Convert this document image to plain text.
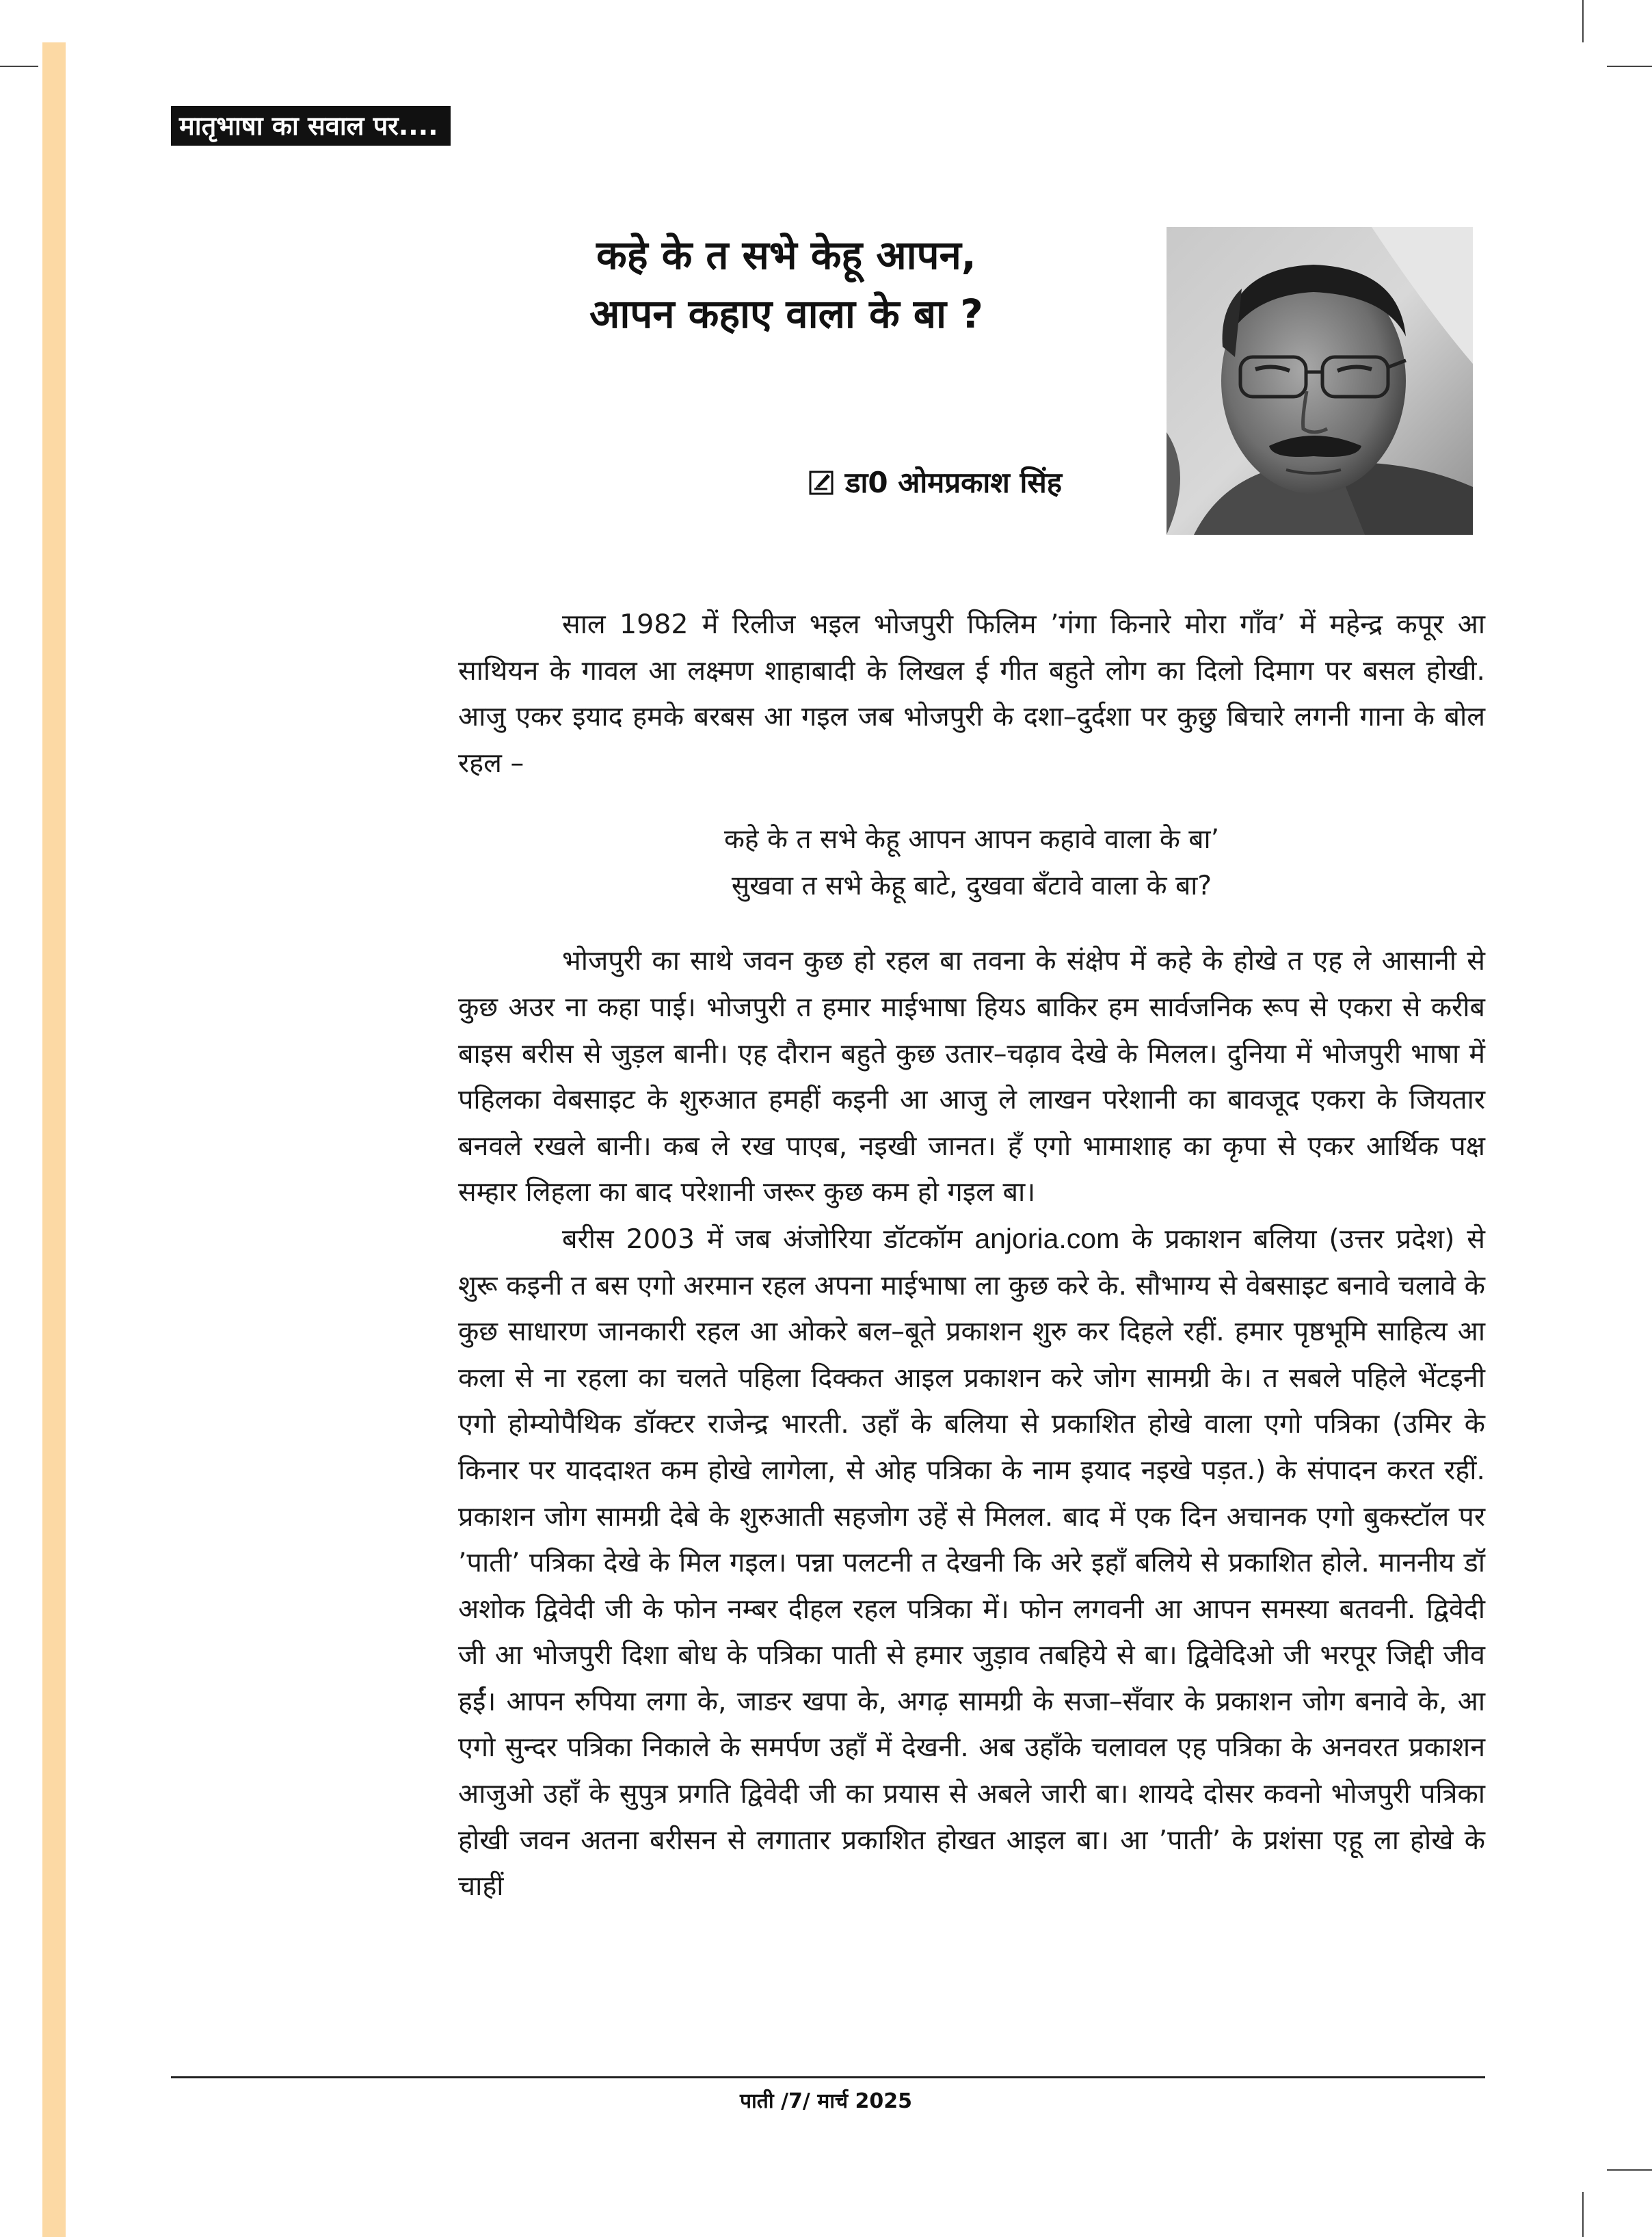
मातृभाषा का सवाल पर....
कहे के त सभे केहू आपन,
आपन कहाए वाला के बा ?
डा0 ओमप्रकाश सिंह

साल 1982 में रिलीज भइल भोजपुरी फिलिम ’गंगा किनारे मोरा गाँव’ में महेन्द्र कपूर आ साथियन के गावल आ लक्ष्मण शाहाबादी के लिखल ई गीत बहुते लोग का दिलो दिमाग पर बसल होखी. आजु एकर इयाद हमके बरबस आ गइल जब भोजपुरी के दशा–दुर्दशा पर कुछु बिचारे लगनी गाना के बोल रहल –

कहे के त सभे केहू आपन आपन कहावे वाला के बा’
सुखवा त सभे केहू बाटे, दुखवा बँटावे वाला के बा?

भोजपुरी का साथे जवन कुछ हो रहल बा तवना के संक्षेप में कहे के होखे त एह ले आसानी से कुछ अउर ना कहा पाई। भोजपुरी त हमार माईभाषा हियऽ बाकिर हम सार्वजनिक रूप से एकरा से करीब बाइस बरीस से जुड़ल बानी। एह दौरान बहुते कुछ उतार–चढ़ाव देखे के मिलल। दुनिया में भोजपुरी भाषा में पहिलका वेबसाइट के शुरुआत हमहीं कइनी आ आजु ले लाखन परेशानी का बावजूद एकरा के जियतार बनवले रखले बानी। कब ले रख पाएब, नइखी जानत। हँ एगो भामाशाह का कृपा से एकर आर्थिक पक्ष सम्हार लिहला का बाद परेशानी जरूर कुछ कम हो गइल बा।

बरीस 2003 में जब अंजोरिया डॉटकॉम anjoria.com के प्रकाशन बलिया (उत्तर प्रदेश) से शुरू कइनी त बस एगो अरमान रहल अपना माईभाषा ला कुछ करे के. सौभाग्य से वेबसाइट बनावे चलावे के कुछ साधारण जानकारी रहल आ ओकरे बल–बूते प्रकाशन शुरु कर दिहले रहीं. हमार पृष्ठभूमि साहित्य आ कला से ना रहला का चलते पहिला दिक्कत आइल प्रकाशन करे जोग सामग्री के। त सबले पहिले भेंटइनी एगो होम्योपैथिक डॉक्टर राजेन्द्र भारती. उहाँ के बलिया से प्रकाशित होखे वाला एगो पत्रिका (उमिर के किनार पर याददाश्त कम होखे लागेला, से ओह पत्रिका के नाम इयाद नइखे पड़त.) के संपादन करत रहीं. प्रकाशन जोग सामग्री देबे के शुरुआती सहजोग उहें से मिलल. बाद में एक दिन अचानक एगो बुकस्टॉल पर ’पाती’ पत्रिका देखे के मिल गइल। पन्ना पलटनी त देखनी कि अरे इहाँ बलिये से प्रकाशित होले. माननीय डॉ अशोक द्विवेदी जी के फोन नम्बर दीहल रहल पत्रिका में। फोन लगवनी आ आपन समस्या बतवनी. द्विवेदी जी आ भोजपुरी दिशा बोध के पत्रिका पाती से हमार जुड़ाव तबहिये से बा। द्विवेदिओ जी भरपूर जिद्दी जीव हईं। आपन रुपिया लगा के, जाङर खपा के, अगढ़ सामग्री के सजा–सँवार के प्रकाशन जोग बनावे के, आ एगो सुन्दर पत्रिका निकाले के समर्पण उहाँ में देखनी. अब उहाँके चलावल एह पत्रिका के अनवरत प्रकाशन आजुओ उहाँ के सुपुत्र प्रगति द्विवेदी जी का प्रयास से अबले जारी बा। शायदे दोसर कवनो भोजपुरी पत्रिका होखी जवन अतना बरीसन से लगातार प्रकाशित होखत आइल बा। आ ’पाती’ के प्रशंसा एहू ला होखे के चाहीं

पाती /7/ मार्च 2025
